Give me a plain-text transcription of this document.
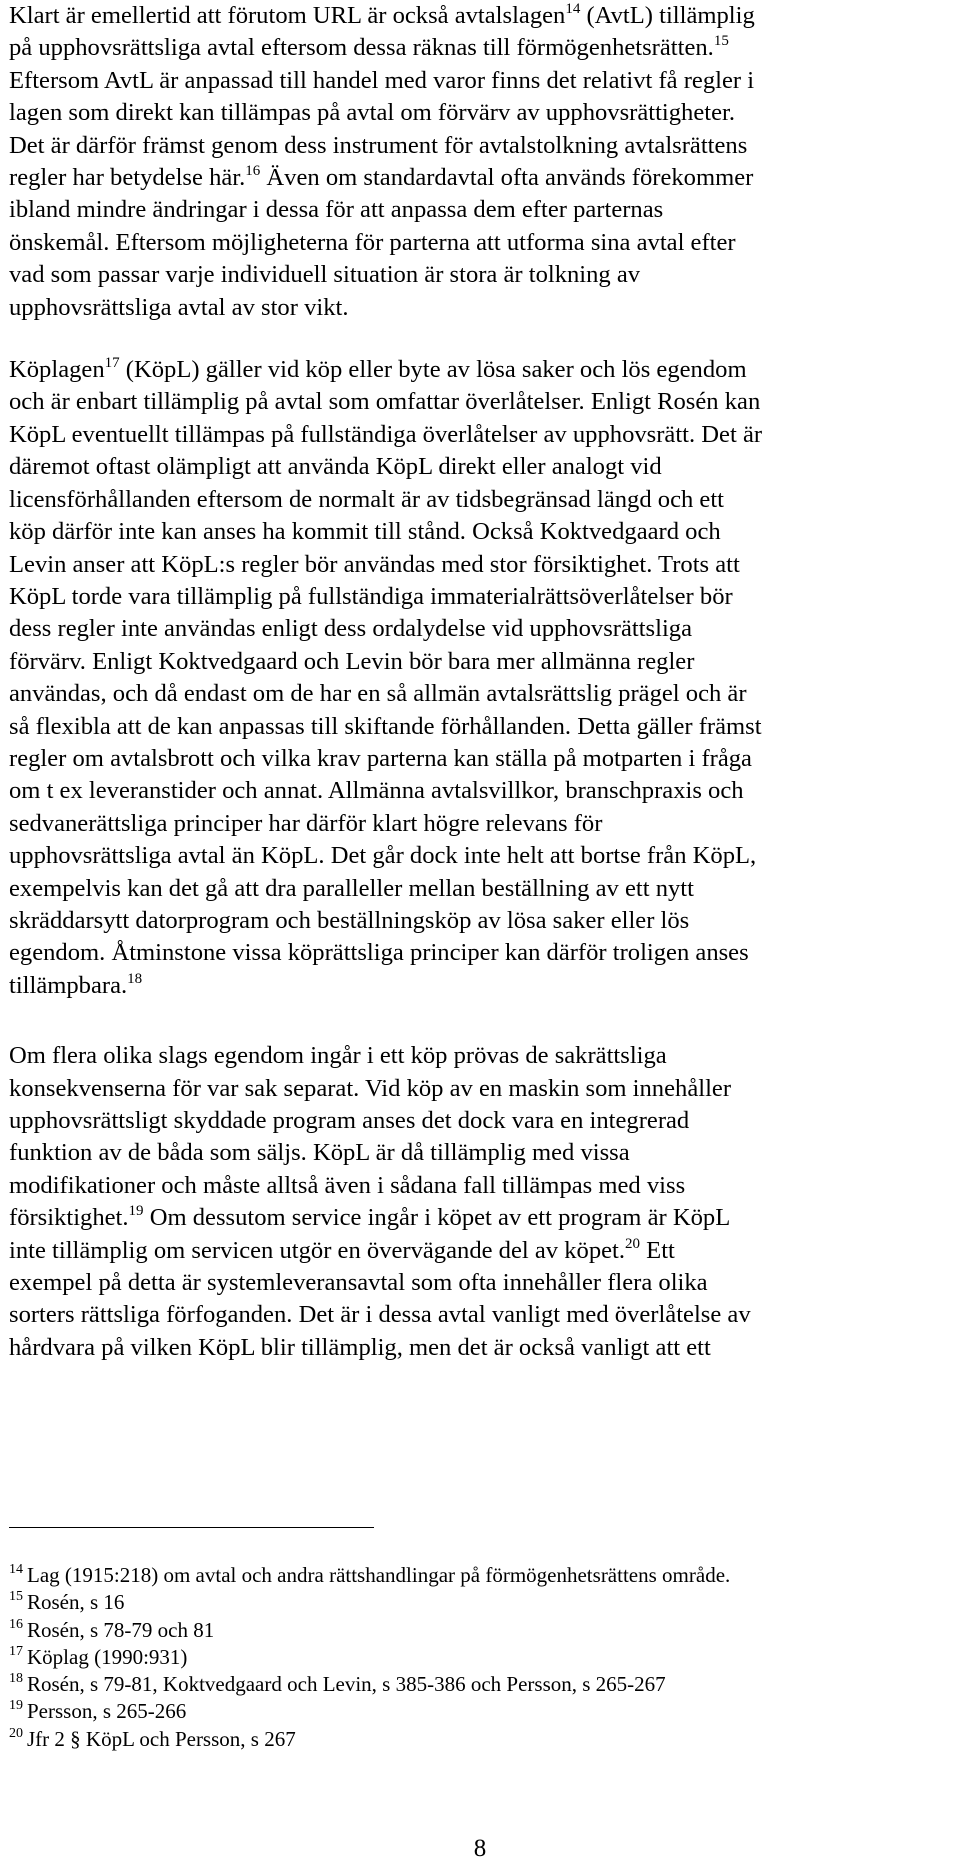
Klart är emellertid att förutom URL är också avtalslagen$^{14}$ (AvtL) tillämplig
på upphovsrättsliga avtal eftersom dessa räknas till förmögenhetsrätten.$^{15}$
Eftersom AvtL är anpassad till handel med varor finns det relativt få regler i
lagen som direkt kan tillämpas på avtal om förvärv av upphovsrättigheter.
Det är därför främst genom dess instrument för avtalstolkning avtalsrättens
regler har betydelse här.$^{16}$ Även om standardavtal ofta används förekommer
ibland mindre ändringar i dessa för att anpassa dem efter parternas
önskemål. Eftersom möjligheterna för parterna att utforma sina avtal efter
vad som passar varje individuell situation är stora är tolkning av
upphovsrättsliga avtal av stor vikt.

Köplagen$^{17}$ (KöpL) gäller vid köp eller byte av lösa saker och lös egendom
och är enbart tillämplig på avtal som omfattar överlåtelser. Enligt Rosén kan
KöpL eventuellt tillämpas på fullständiga överlåtelser av upphovsrätt. Det är
däremot oftast olämpligt att använda KöpL direkt eller analogt vid
licensförhållanden eftersom de normalt är av tidsbegränsad längd och ett
köp därför inte kan anses ha kommit till stånd. Också Koktvedgaard och
Levin anser att KöpL:s regler bör användas med stor försiktighet. Trots att
KöpL torde vara tillämplig på fullständiga immaterialrättsöverlåtelser bör
dess regler inte användas enligt dess ordalydelse vid upphovsrättsliga
förvärv. Enligt Koktvedgaard och Levin bör bara mer allmänna regler
användas, och då endast om de har en så allmän avtalsrättslig prägel och är
så flexibla att de kan anpassas till skiftande förhållanden. Detta gäller främst
regler om avtalsbrott och vilka krav parterna kan ställa på motparten i fråga
om t ex leveranstider och annat. Allmänna avtalsvillkor, branschpraxis och
sedvanerättsliga principer har därför klart högre relevans för
upphovsrättsliga avtal än KöpL. Det går dock inte helt att bortse från KöpL,
exempelvis kan det gå att dra paralleller mellan beställning av ett nytt
skräddarsytt datorprogram och beställningsköp av lösa saker eller lös
egendom. Åtminstone vissa köprättsliga principer kan därför troligen anses
tillämpbara.$^{18}$

Om flera olika slags egendom ingår i ett köp prövas de sakrättsliga
konsekvenserna för var sak separat. Vid köp av en maskin som innehåller
upphovsrättsligt skyddade program anses det dock vara en integrerad
funktion av de båda som säljs. KöpL är då tillämplig med vissa
modifikationer och måste alltså även i sådana fall tillämpas med viss
försiktighet.$^{19}$ Om dessutom service ingår i köpet av ett program är KöpL
inte tillämplig om servicen utgör en övervägande del av köpet.$^{20}$ Ett
exempel på detta är systemleveransavtal som ofta innehåller flera olika
sorters rättsliga förfoganden. Det är i dessa avtal vanligt med överlåtelse av
hårdvara på vilken KöpL blir tillämplig, men det är också vanligt att ett

$^{14}$ Lag (1915:218) om avtal och andra rättshandlingar på förmögenhetsrättens område.
$^{15}$ Rosén, s 16
$^{16}$ Rosén, s 78-79 och 81
$^{17}$ Köplag (1990:931)
$^{18}$ Rosén, s 79-81, Koktvedgaard och Levin, s 385-386 och Persson, s 265-267
$^{19}$ Persson, s 265-266
$^{20}$ Jfr 2 § KöpL och Persson, s 267
8
